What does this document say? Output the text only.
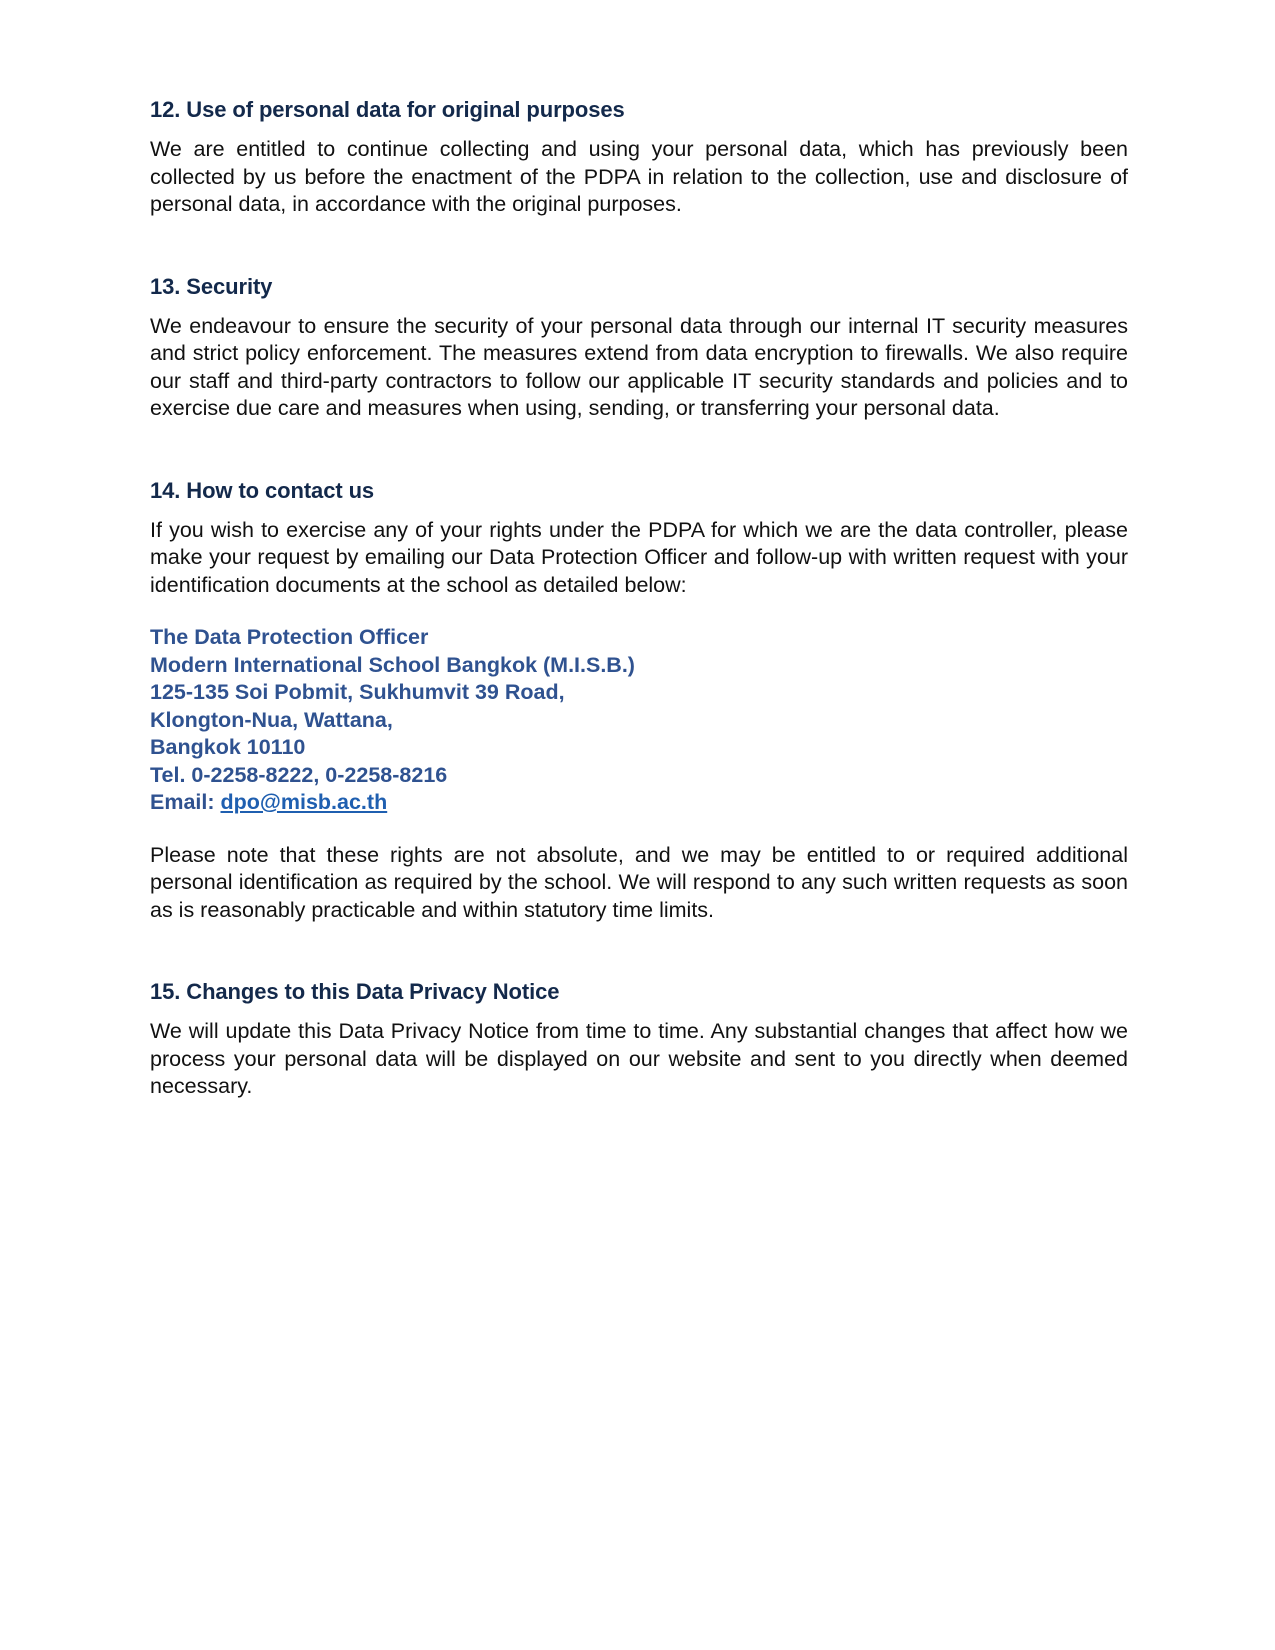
12. Use of personal data for original purposes

We are entitled to continue collecting and using your personal data, which has previously been collected by us before the enactment of the PDPA in relation to the collection, use and disclosure of personal data, in accordance with the original purposes.

13. Security

We endeavour to ensure the security of your personal data through our internal IT security measures and strict policy enforcement. The measures extend from data encryption to firewalls. We also require our staff and third-party contractors to follow our applicable IT security standards and policies and to exercise due care and measures when using, sending, or transferring your personal data.

14. How to contact us

If you wish to exercise any of your rights under the PDPA for which we are the data controller, please make your request by emailing our Data Protection Officer and follow-up with written request with your identification documents at the school as detailed below:

The Data Protection Officer
Modern International School Bangkok (M.I.S.B.)
125-135 Soi Pobmit, Sukhumvit 39 Road,
Klongton-Nua, Wattana,
Bangkok 10110
Tel. 0-2258-8222, 0-2258-8216
Email: dpo@misb.ac.th

Please note that these rights are not absolute, and we may be entitled to or required additional personal identification as required by the school. We will respond to any such written requests as soon as is reasonably practicable and within statutory time limits.

15. Changes to this Data Privacy Notice

We will update this Data Privacy Notice from time to time. Any substantial changes that affect how we process your personal data will be displayed on our website and sent to you directly when deemed necessary.
